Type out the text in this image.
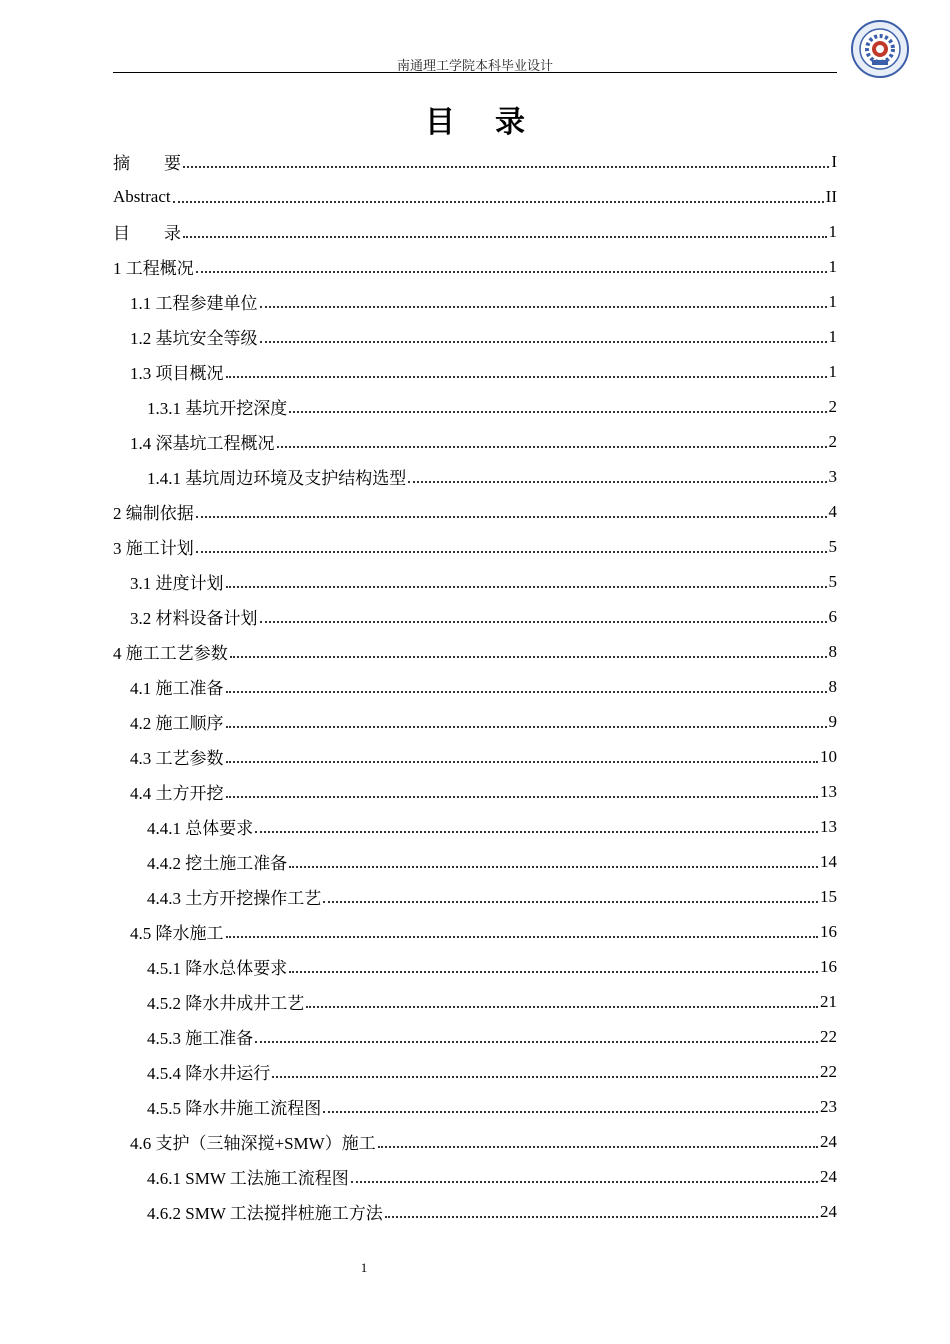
南通理工学院本科毕业设计
目录
摘　　要	I
Abstract	II
目　　录	1
1 工程概况	1
1.1 工程参建单位	1
1.2 基坑安全等级	1
1.3 项目概况	1
1.3.1 基坑开挖深度	2
1.4 深基坑工程概况	2
1.4.1 基坑周边环境及支护结构选型	3
2 编制依据	4
3 施工计划	5
3.1 进度计划	5
3.2 材料设备计划	6
4 施工工艺参数	8
4.1 施工准备	8
4.2 施工顺序	9
4.3 工艺参数	10
4.4 土方开挖	13
4.4.1 总体要求	13
4.4.2 挖土施工准备	14
4.4.3 土方开挖操作工艺	15
4.5 降水施工	16
4.5.1 降水总体要求	16
4.5.2 降水井成井工艺	21
4.5.3 施工准备	22
4.5.4 降水井运行	22
4.5.5 降水井施工流程图	23
4.6 支护（三轴深搅+SMW）施工	24
4.6.1 SMW 工法施工流程图	24
4.6.2 SMW 工法搅拌桩施工方法	24
1
